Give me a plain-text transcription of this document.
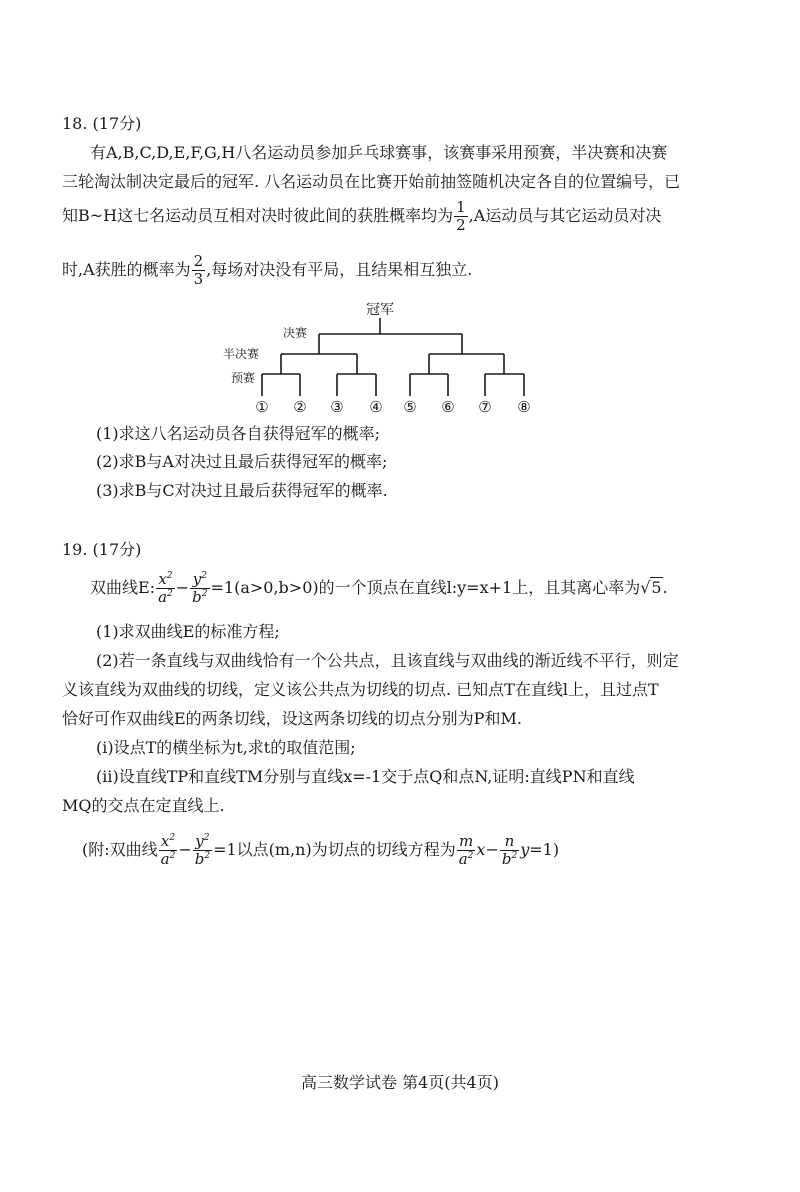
18. (17分)
有A,B,C,D,E,F,G,H八名运动员参加乒乓球赛事，该赛事采用预赛，半决赛和决赛
三轮淘汰制决定最后的冠军. 八名运动员在比赛开始前抽签随机决定各自的位置编号，已
知B~H这七名运动员互相对决时彼此间的获胜概率均为 $\frac{1}{2} ,A$运动员与其它运动员对决
时,A获胜的概率为 $\frac{2}{3}$ ,每场对决没有平局，且结果相互独立.
冠军
决赛
半决赛
预赛
① ② ③ ④ ⑤ ⑥ ⑦ ⑧
(1)求这八名运动员各自获得冠军的概率;
(2)求B与A对决过且最后获得冠军的概率;
(3)求B与C对决过且最后获得冠军的概率.
19. (17分)
双曲线E: $\frac{x^2}{a^2} - \frac{y^2}{b^2} =1(a>0,b>0)$的一个顶点在直线l:y=x+1上，且其离心率为√5.
(1)求双曲线E的标准方程;
(2)若一条直线与双曲线恰有一个公共点，且该直线与双曲线的渐近线不平行，则定
义该直线为双曲线的切线，定义该公共点为切线的切点. 已知点T在直线l上，且过点T
恰好可作双曲线E的两条切线，设这两条切线的切点分别为P和M.
(i)设点T的横坐标为t,求t的取值范围;
(ii)设直线TP和直线TM分别与直线x=-1交于点Q和点N,证明:直线PN和直线
MQ的交点在定直线上.
(附:双曲线 $\frac{x^2}{a^2} - \frac{y^2}{b^2} =1$以点(m,n)为切点的切线方程为 $\frac{m}{a^2} x- \frac{n}{b^2} y=1$)
高三数学试卷 第4页(共4页)
